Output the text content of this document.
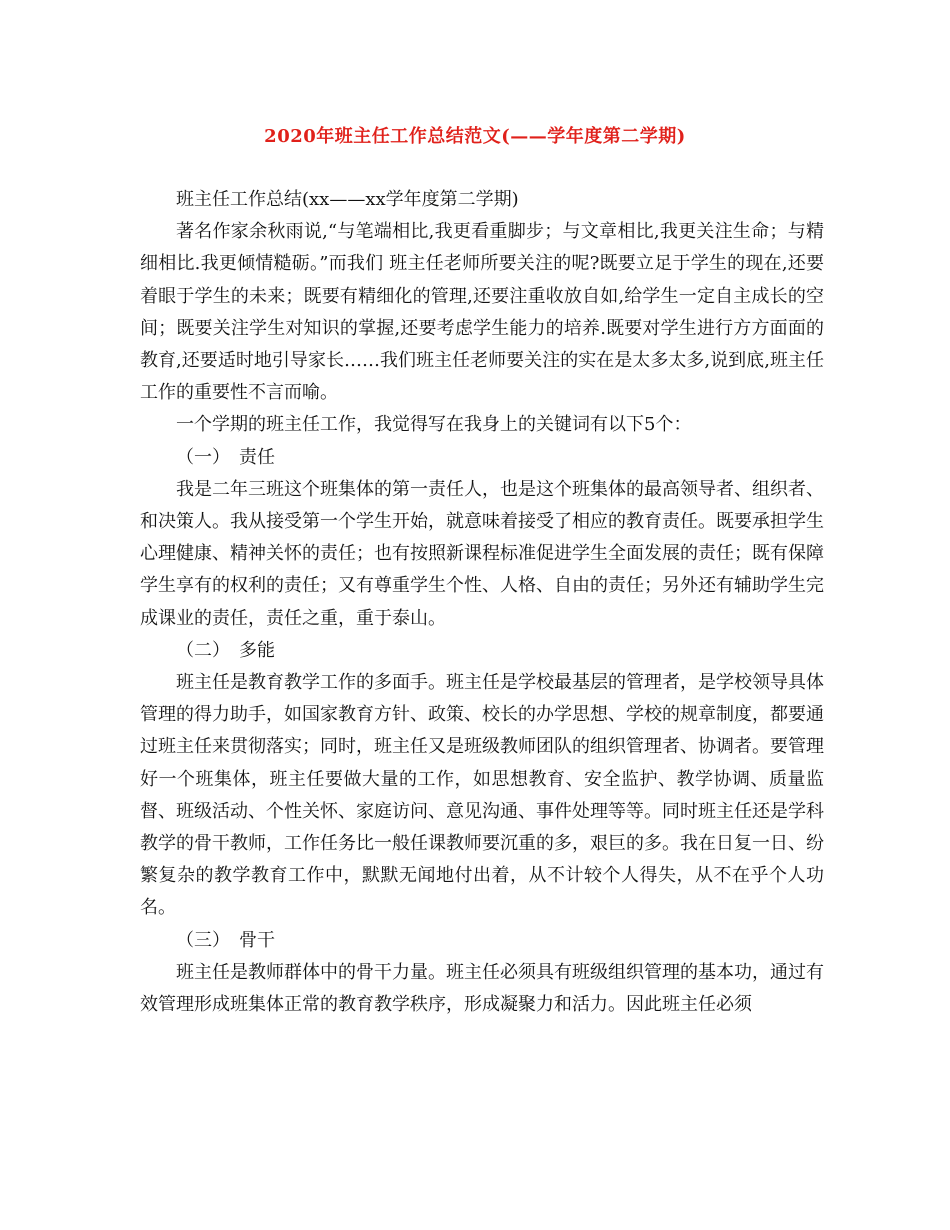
2020年班主任工作总结范文(——学年度第二学期)

班主任工作总结(xx——xx学年度第二学期)

著名作家余秋雨说,“与笔端相比,我更看重脚步；与文章相比,我更关注生命；与精细相比.我更倾情糙砺。”而我们 班主任老师所要关注的呢?既要立足于学生的现在,还要着眼于学生的未来；既要有精细化的管理,还要注重收放自如,给学生一定自主成长的空间；既要关注学生对知识的掌握,还要考虑学生能力的培养.既要对学生进行方方面面的教育,还要适时地引导家长……我们班主任老师要关注的实在是太多太多,说到底,班主任工作的重要性不言而喻。

一个学期的班主任工作，我觉得写在我身上的关键词有以下5个：

（一）　责任

我是二年三班这个班集体的第一责任人，也是这个班集体的最高领导者、组织者、和决策人。我从接受第一个学生开始，就意味着接受了相应的教育责任。既要承担学生心理健康、精神关怀的责任；也有按照新课程标准促进学生全面发展的责任；既有保障学生享有的权利的责任；又有尊重学生个性、人格、自由的责任；另外还有辅助学生完成课业的责任，责任之重，重于泰山。

（二）　多能

班主任是教育教学工作的多面手。班主任是学校最基层的管理者，是学校领导具体管理的得力助手，如国家教育方针、政策、校长的办学思想、学校的规章制度，都要通过班主任来贯彻落实；同时，班主任又是班级教师团队的组织管理者、协调者。要管理好一个班集体，班主任要做大量的工作，如思想教育、安全监护、教学协调、质量监督、班级活动、个性关怀、家庭访问、意见沟通、事件处理等等。同时班主任还是学科教学的骨干教师，工作任务比一般任课教师要沉重的多，艰巨的多。我在日复一日、纷繁复杂的教学教育工作中，默默无闻地付出着，从不计较个人得失，从不在乎个人功名。

（三）　骨干

班主任是教师群体中的骨干力量。班主任必须具有班级组织管理的基本功，通过有效管理形成班集体正常的教育教学秩序，形成凝聚力和活力。因此班主任必须
